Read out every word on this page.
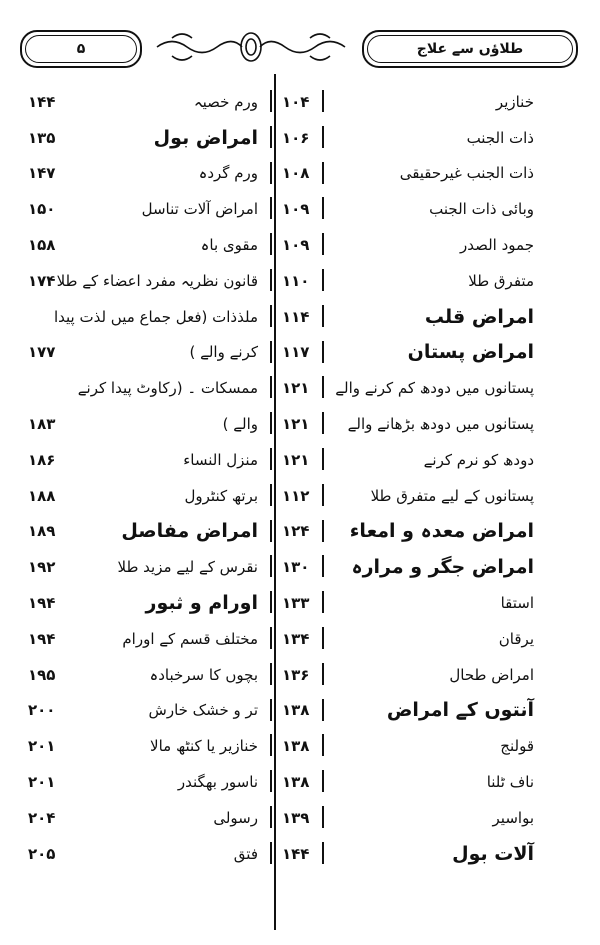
۵	طلاؤں سے علاج
۱۰۴	خنازیر
۱۰۶	ذات الجنب
۱۰۸	ذات الجنب غیرحقیقی
۱۰۹	وبائی ذات الجنب
۱۰۹	جمود الصدر
۱۱۰	متفرق طلا
۱۱۴	امراض قلب
۱۱۷	امراض پستان
۱۲۱	پستانوں میں دودھ کم کرنے والے
۱۲۱	پستانوں میں دودھ بڑھانے والے
۱۲۱	دودھ کو نرم کرنے
۱۱۲	پستانوں کے لیے متفرق طلا
۱۲۴	امراض معدہ و امعاء
۱۳۰	امراض جگر و مرارہ
۱۳۳	استقا
۱۳۴	یرقان
۱۳۶	امراض طحال
۱۳۸	آنتوں کے امراض
۱۳۸	قولنج
۱۳۸	ناف ٹلنا
۱۳۹	بواسیر
۱۴۴	آلات بول
۱۴۴	ورم خصیہ
۱۳۵	امراض بول
۱۴۷	ورم گردہ
۱۵۰	امراض آلات تناسل
۱۵۸	مقوی باہ
۱۷۴ قانون نظریہ مفرد اعضاء کے طلا
ملذذات (فعل جماع میں لذت پیدا
۱۷۷	کرنے والے )
ممسکات ۔ (رکاوٹ پیدا کرنے
۱۸۳	والے )
۱۸۶	منزل النساء
۱۸۸	برتھ کنٹرول
۱۸۹	امراض مفاصل
۱۹۲	نقرس کے لیے مزید طلا
۱۹۴	اورام و ثبور
۱۹۴	مختلف قسم کے اورام
۱۹۵	بچوں کا سرخبادہ
۲۰۰	تر و خشک خارش
۲۰۱	خنازیر یا کنٹھ مالا
۲۰۱	ناسور بھگندر
۲۰۴	رسولی
۲۰۵	فتق
